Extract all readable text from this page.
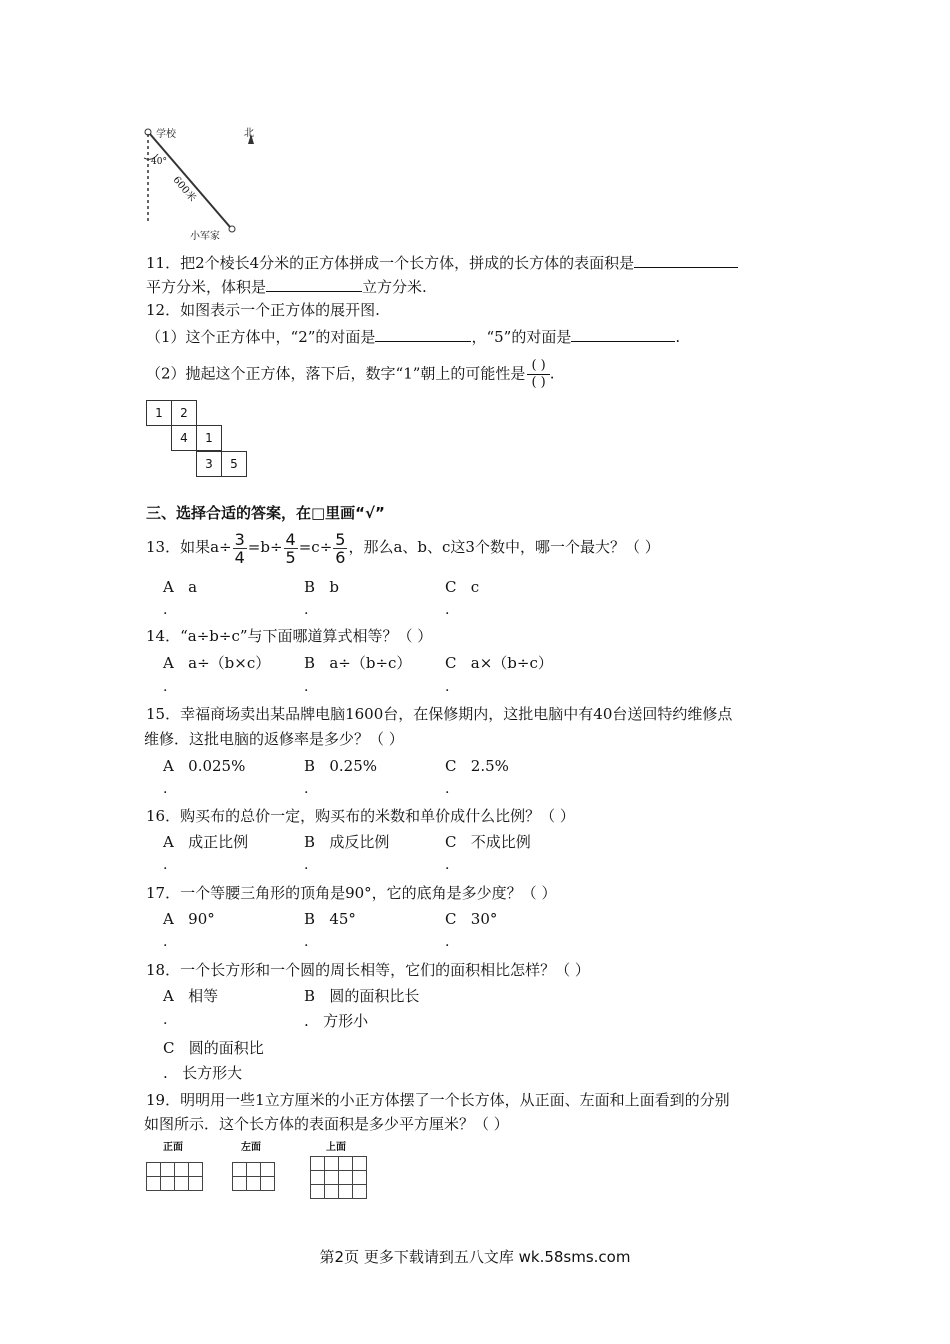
学校	北
40°
600米
小军家
11．把2个棱长4分米的正方体拼成一个长方体，拼成的长方体的表面积是
平方分米，体积是	立方分米.
12．如图表示一个正方体的展开图.
（1）这个正方体中，“2”的对面是	，“5”的对面是	.
（2）抛起这个正方体，落下后，数字“1”朝上的可能性是 ( )
( ) .
1	2
4	1
3	5
三、选择合适的答案，在□里画“√”
13．如果$a\div \frac{3}{4} =b\div \frac{4}{5} =c\div \frac{5}{6}$ ，那么a、b、c这3个数中，哪一个最大？（ ）
A a
.
B b
.
C c
.
14．“a÷b÷c”与下面哪道算式相等？（ ）
A a÷（b×c）
.
B a÷（b÷c）
.
C a×（b÷c）
.
15．幸福商场卖出某品牌电脑1600台，在保修期内，这批电脑中有40台送回特约维修点
维修．这批电脑的返修率是多少？（ ）
A 0.025%
.
B 0.25%
.
C 2.5%
.
16．购买布的总价一定，购买布的米数和单价成什么比例？（ ）
A 成正比例
.
B 成反比例
.
C 不成比例
.
17．一个等腰三角形的顶角是90°，它的底角是多少度？（ ）
A 90°
.
B 45°
.
C 30°
.
18．一个长方形和一个圆的周长相等，它们的面积相比怎样？（ ）
A 相等
.
B 圆的面积比长
.   方形小
C 圆的面积比
.   长方形大
19．明明用一些1立方厘米的小正方体摆了一个长方体，从正面、左面和上面看到的分别
如图所示．这个长方体的表面积是多少平方厘米？（ ）
正面	左面	上面
第2页 更多下载请到五八文库 wk.58sms.com
